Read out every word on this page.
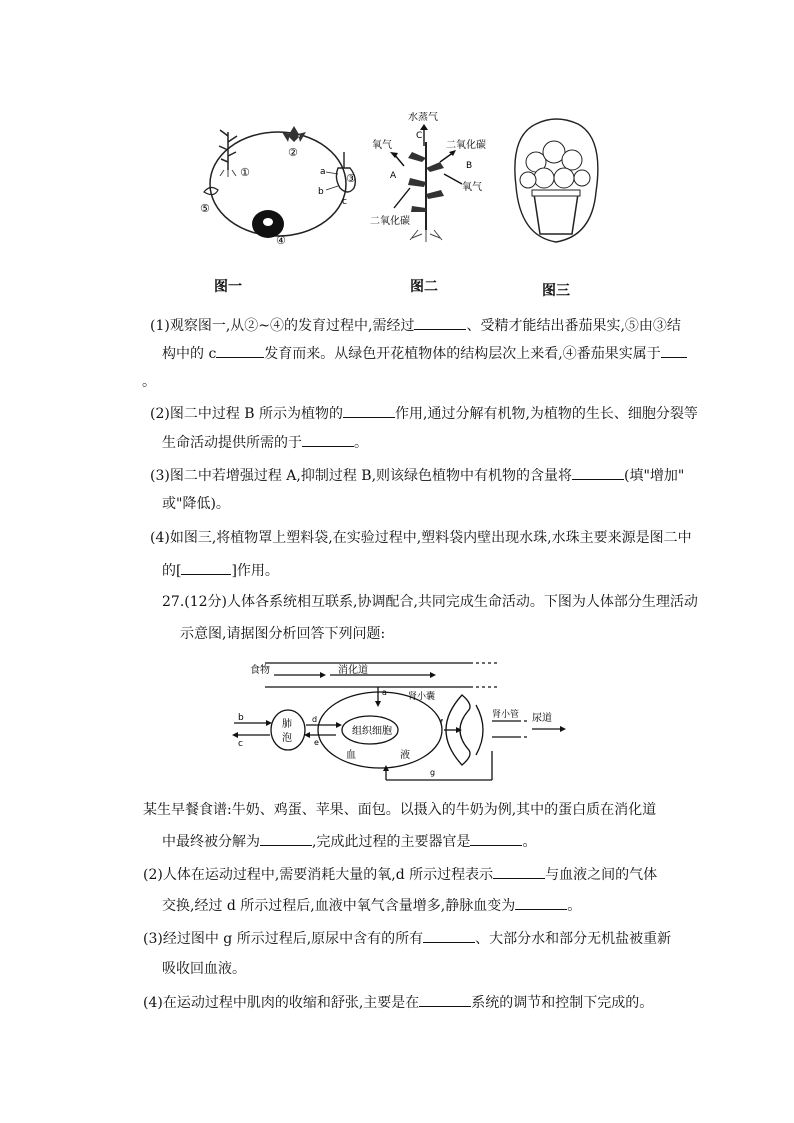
①
②
③
④
⑤
a
b
c
水蒸气
C
氧气
A
二氧化碳
二氧化碳
B
氧气
图一	图二	图三
(1)观察图一,从②~④的发育过程中,需经过	、受精才能结出番茄果实,⑤由③结
构中的 c	发育而来。从绿色开花植物体的结构层次上来看,④番茄果实属于
。
(2)图二中过程 B 所示为植物的	作用,通过分解有机物,为植物的生长、细胞分裂等
生命活动提供所需的于	。
(3)图二中若增强过程 A,抑制过程 B,则该绿色植物中有机物的含量将	(填"增加"
或"降低)。
(4)如图三,将植物罩上塑料袋,在实验过程中,塑料袋内壁出现水珠,水珠主要来源是图二中
的[	]作用。
27.(12分)人体各系统相互联系,协调配合,共同完成生命活动。下图为人体部分生理活动
示意图,请据图分析回答下列问题:
食物	消化道
a 肾小囊
b
c
肺
泡
d
e
组织细胞
血	液
f
肾小管 尿道
g
某生早餐食谱:牛奶、鸡蛋、苹果、面包。以摄入的牛奶为例,其中的蛋白质在消化道
中最终被分解为	,完成此过程的主要器官是	。
(2)人体在运动过程中,需要消耗大量的氧,d 所示过程表示	与血液之间的气体
交换,经过 d 所示过程后,血液中氧气含量增多,静脉血变为	。
(3)经过图中 g 所示过程后,原尿中含有的所有	、大部分水和部分无机盐被重新
吸收回血液。
(4)在运动过程中肌肉的收缩和舒张,主要是在	系统的调节和控制下完成的。
